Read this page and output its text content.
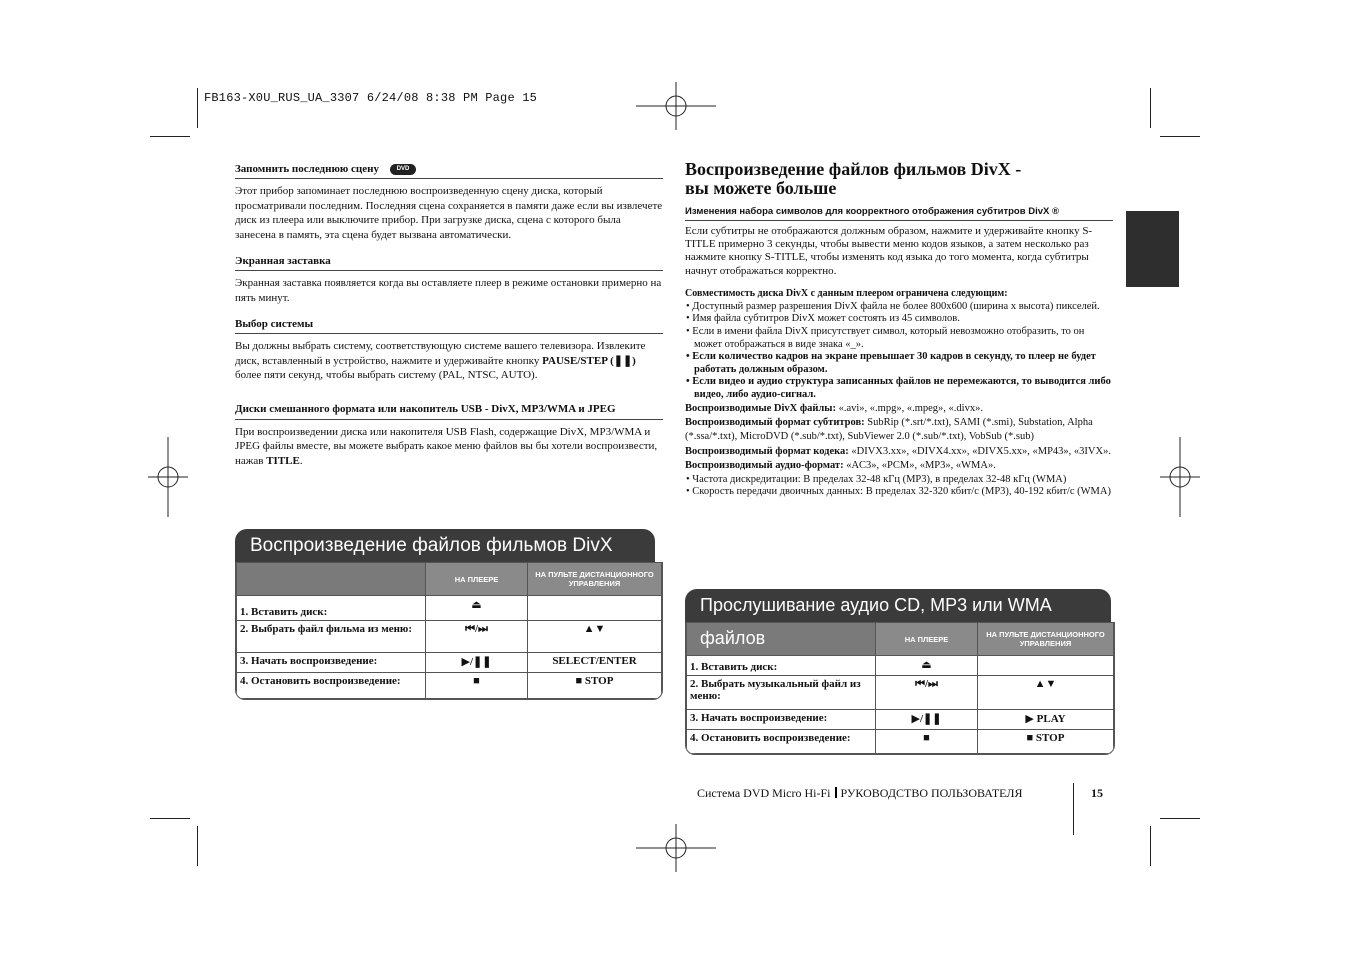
FB163-X0U_RUS_UA_3307 6/24/08 8:38 PM Page 15
Запомнить последнюю сцену	DVD
Этот прибор запоминает последнюю воспроизведенную сцену диска, который просматривали последним. Последняя сцена сохраняется в памяти даже если вы извлечете диск из плеера или выключите прибор. При загрузке диска, сцена с которого была занесена в память, эта сцена будет вызвана автоматически.
Экранная заставка
Экранная заставка появляется когда вы оставляете плеер в режиме остановки примерно на пять минут.
Выбор системы
Вы должны выбрать систему, соответствующую системе вашего телевизора. Извлеките диск, вставленный в устройство, нажмите и удерживайте кнопку PAUSE/STEP (❚❚) более пяти секунд, чтобы выбрать систему (PAL, NTSC, AUTO).
Диски смешанного формата или накопитель USB - DivX, MP3/WMA и JPEG
При воспроизведении диска или накопителя USB Flash, содержащие DivX, MP3/WMA и JPEG файлы вместе, вы можете выбрать какое меню файлов вы бы хотели воспроизвести, нажав TITLE.
Воспроизведение файлов фильмов DivX
	НА ПЛЕЕРЕ	НА ПУЛЬТЕ ДИСТАНЦИОННОГО УПРАВЛЕНИЯ
1. Вставить диск:	⏏	
2. Выбрать файл фильма из меню:	⏮/⏭	▲▼
3. Начать воспроизведение:	▶/❚❚	SELECT/ENTER
4. Остановить воспроизведение:	■	■ STOP
Воспроизведение файлов фильмов DivX -
вы можете больше
Изменения набора символов для коорректного отображения субтитров DivX ®
Если субтитры не отображаются должным образом, нажмите и удерживайте кнопку S-TITLE примерно 3 секунды, чтобы вывести меню кодов языков, а затем несколько раз нажмите кнопку S-TITLE, чтобы изменять код языка до того момента, когда субтитры начнут отображаться корректно.
Совместимость диска DivX с данным плеером ограничена следующим:
• Доступный размер разрешения DivX файла не более 800x600 (ширина x высота) пикселей.
• Имя файла субтитров DivX может состоять из 45 символов.
• Если в имени файла DivX присутствует символ, который невозможно отобразить, то он может отображаться в виде знака «_».
• Если количество кадров на экране превышает 30 кадров в секунду, то плеер не будет работать должным образом.
• Если видео и аудио структура записанных файлов не перемежаются, то выводится либо видео, либо аудио-сигнал.
Воспроизводимые DivX файлы: «.avi», «.mpg», «.mpeg», «.divx».
Воспроизводимый формат субтитров: SubRip (*.srt/*.txt), SAMI (*.smi), Substation, Alpha (*.ssa/*.txt), MicroDVD (*.sub/*.txt), SubViewer 2.0 (*.sub/*.txt), VobSub (*.sub)
Воспроизводимый формат кодека: «DIVX3.xx», «DIVX4.xx», «DIVX5.xx», «MP43», «3IVX».
Воспроизводимый аудио-формат: «AC3», «PCM», «MP3», «WMA».
• Частота дискредитации: В пределах 32-48 кГц (MP3), в пределах 32-48 кГц (WMA)
• Скорость передачи двоичных данных: В пределах 32-320 кбит/с (MP3), 40-192 кбит/с (WMA)
Прослушивание аудио CD, MP3 или WMA файлов
		НА ПЛЕЕРЕ	НА ПУЛЬТЕ ДИСТАНЦИОННОГО УПРАВЛЕНИЯ
1. Вставить диск:	⏏	
2. Выбрать музыкальный файл из меню:	⏮/⏭	▲▼
3. Начать воспроизведение:	▶/❚❚	▶ PLAY
4. Остановить воспроизведение:	■	■ STOP
Система DVD Micro Hi-Fi РУКОВОДСТВО ПОЛЬЗОВАТЕЛЯ	15
